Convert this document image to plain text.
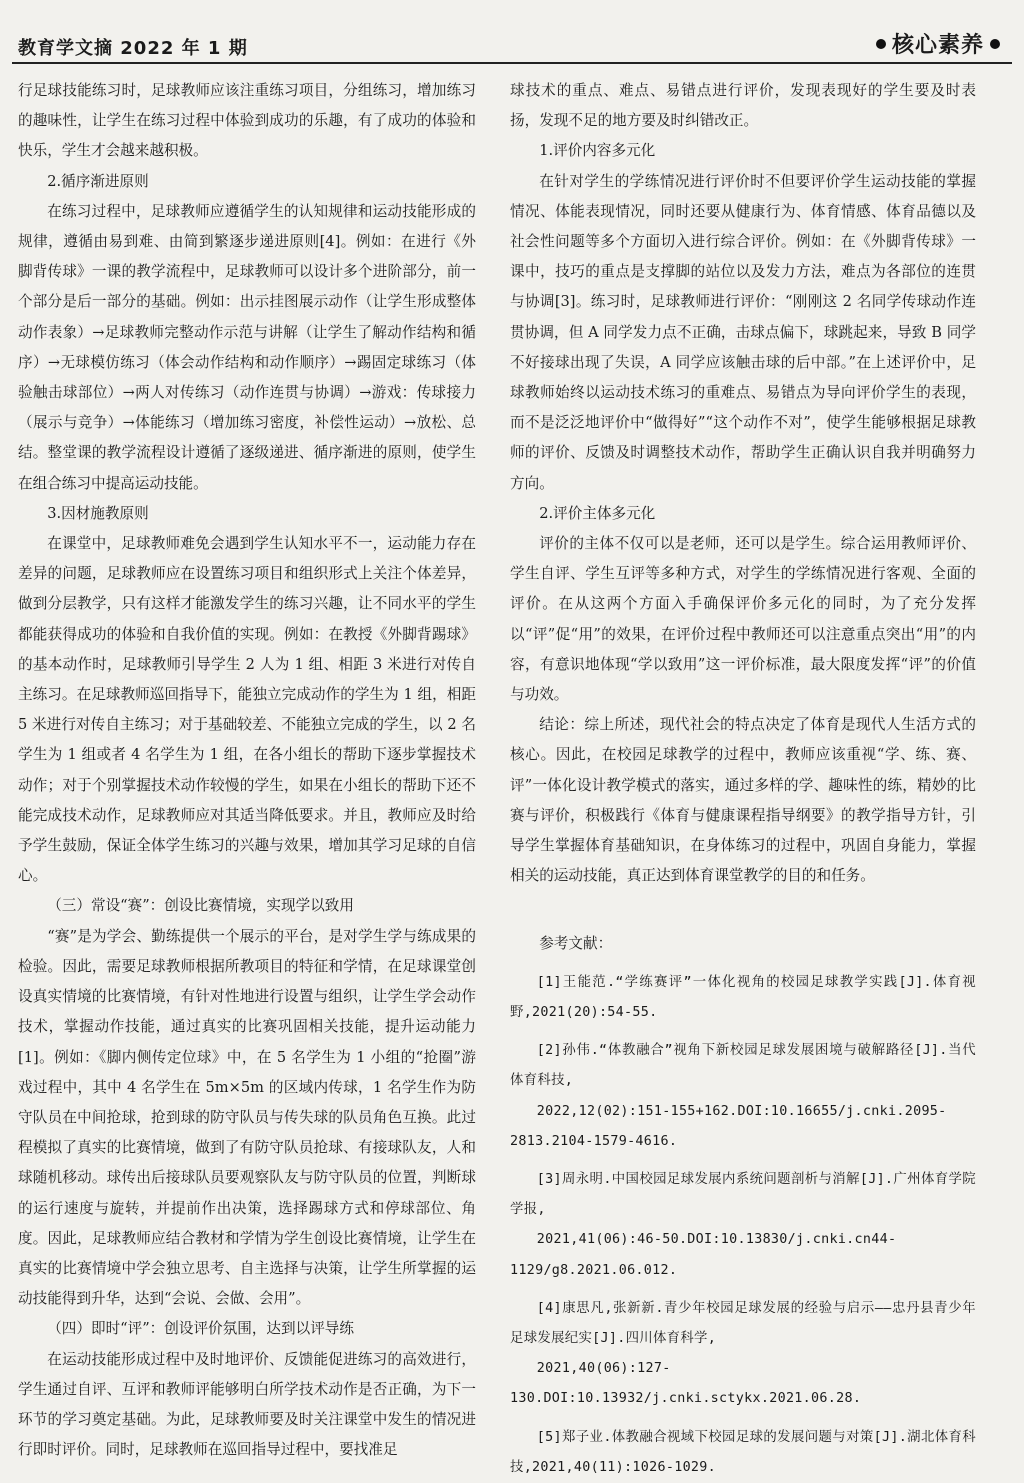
教育学文摘 2022 年 1 期	核心素养

行足球技能练习时，足球教师应该注重练习项目，分组练习，增加练习的趣味性，让学生在练习过程中体验到成功的乐趣，有了成功的体验和快乐，学生才会越来越积极。

2.循序渐进原则

在练习过程中，足球教师应遵循学生的认知规律和运动技能形成的规律，遵循由易到难、由简到繁逐步递进原则[4]。例如：在进行《外脚背传球》一课的教学流程中，足球教师可以设计多个进阶部分，前一个部分是后一部分的基础。例如：出示挂图展示动作（让学生形成整体动作表象）→足球教师完整动作示范与讲解（让学生了解动作结构和循序）→无球模仿练习（体会动作结构和动作顺序）→踢固定球练习（体验触击球部位）→两人对传练习（动作连贯与协调）→游戏：传球接力（展示与竞争）→体能练习（增加练习密度，补偿性运动）→放松、总结。整堂课的教学流程设计遵循了逐级递进、循序渐进的原则，使学生在组合练习中提高运动技能。

3.因材施教原则

在课堂中，足球教师难免会遇到学生认知水平不一，运动能力存在差异的问题，足球教师应在设置练习项目和组织形式上关注个体差异，做到分层教学，只有这样才能激发学生的练习兴趣，让不同水平的学生都能获得成功的体验和自我价值的实现。例如：在教授《外脚背踢球》的基本动作时，足球教师引导学生 2 人为 1 组、相距 3 米进行对传自主练习。在足球教师巡回指导下，能独立完成动作的学生为 1 组，相距 5 米进行对传自主练习；对于基础较差、不能独立完成的学生，以 2 名学生为 1 组或者 4 名学生为 1 组，在各小组长的帮助下逐步掌握技术动作；对于个别掌握技术动作较慢的学生，如果在小组长的帮助下还不能完成技术动作，足球教师应对其适当降低要求。并且，教师应及时给予学生鼓励，保证全体学生练习的兴趣与效果，增加其学习足球的自信心。

（三）常设“赛”：创设比赛情境，实现学以致用

“赛”是为学会、勤练提供一个展示的平台，是对学生学与练成果的检验。因此，需要足球教师根据所教项目的特征和学情，在足球课堂创设真实情境的比赛情境，有针对性地进行设置与组织，让学生学会动作技术，掌握动作技能，通过真实的比赛巩固相关技能，提升运动能力[1]。例如：《脚内侧传定位球》中，在 5 名学生为 1 小组的“抢圈”游戏过程中，其中 4 名学生在 5m×5m 的区域内传球，1 名学生作为防守队员在中间抢球，抢到球的防守队员与传失球的队员角色互换。此过程模拟了真实的比赛情境，做到了有防守队员抢球、有接球队友，人和球随机移动。球传出后接球队员要观察队友与防守队员的位置，判断球的运行速度与旋转，并提前作出决策，选择踢球方式和停球部位、角度。因此，足球教师应结合教材和学情为学生创设比赛情境，让学生在真实的比赛情境中学会独立思考、自主选择与决策，让学生所掌握的运动技能得到升华，达到“会说、会做、会用”。

（四）即时“评”：创设评价氛围，达到以评导练

在运动技能形成过程中及时地评价、反馈能促进练习的高效进行，学生通过自评、互评和教师评能够明白所学技术动作是否正确，为下一环节的学习奠定基础。为此，足球教师要及时关注课堂中发生的情况进行即时评价。同时，足球教师在巡回指导过程中，要找准足

球技术的重点、难点、易错点进行评价，发现表现好的学生要及时表扬，发现不足的地方要及时纠错改正。

1.评价内容多元化

在针对学生的学练情况进行评价时不但要评价学生运动技能的掌握情况、体能表现情况，同时还要从健康行为、体育情感、体育品德以及社会性问题等多个方面切入进行综合评价。例如：在《外脚背传球》一课中，技巧的重点是支撑脚的站位以及发力方法，难点为各部位的连贯与协调[3]。练习时，足球教师进行评价：“刚刚这 2 名同学传球动作连贯协调，但 A 同学发力点不正确，击球点偏下，球跳起来，导致 B 同学不好接球出现了失误，A 同学应该触击球的后中部。”在上述评价中，足球教师始终以运动技术练习的重难点、易错点为导向评价学生的表现，而不是泛泛地评价中“做得好”“这个动作不对”，使学生能够根据足球教师的评价、反馈及时调整技术动作，帮助学生正确认识自我并明确努力方向。

2.评价主体多元化

评价的主体不仅可以是老师，还可以是学生。综合运用教师评价、学生自评、学生互评等多种方式，对学生的学练情况进行客观、全面的评价。在从这两个方面入手确保评价多元化的同时，为了充分发挥以“评”促“用”的效果，在评价过程中教师还可以注意重点突出“用”的内容，有意识地体现“学以致用”这一评价标准，最大限度发挥“评”的价值与功效。

结论：综上所述，现代社会的特点决定了体育是现代人生活方式的核心。因此，在校园足球教学的过程中，教师应该重视“学、练、赛、评”一体化设计教学模式的落实，通过多样的学、趣味性的练，精妙的比赛与评价，积极践行《体育与健康课程指导纲要》的教学指导方针，引导学生掌握体育基础知识，在身体练习的过程中，巩固自身能力，掌握相关的运动技能，真正达到体育课堂教学的目的和任务。

参考文献：
[1]王能范.“学练赛评”一体化视角的校园足球教学实践[J].体育视野,2021(20):54-55.
[2]孙伟.“体教融合”视角下新校园足球发展困境与破解路径[J].当代体育科技,
2022,12(02):151-155+162.DOI:10.16655/j.cnki.2095-2813.2104-1579-4616.
[3]周永明.中国校园足球发展内系统问题剖析与消解[J].广州体育学院学报,
2021,41(06):46-50.DOI:10.13830/j.cnki.cn44-1129/g8.2021.06.012.
[4]康思凡,张新新.青少年校园足球发展的经验与启示——忠丹县青少年足球发展纪实[J].四川体育科学,
2021,40(06):127-130.DOI:10.13932/j.cnki.sctykx.2021.06.28.
[5]郑子业.体教融合视域下校园足球的发展问题与对策[J].湖北体育科技,2021,40(11):1026-1029.
